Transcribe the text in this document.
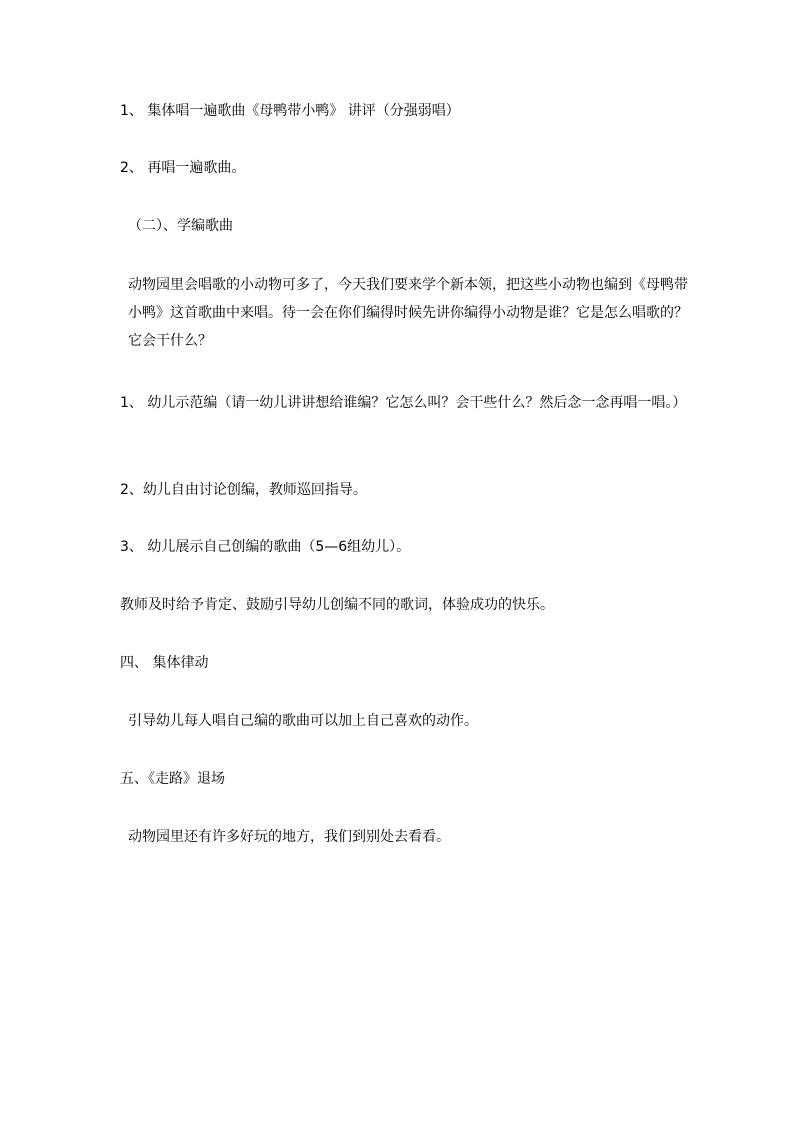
1、 集体唱一遍歌曲《母鸭带小鸭》 讲评（分强弱唱）
2、 再唱一遍歌曲。
（二）、学编歌曲
动物园里会唱歌的小动物可多了，今天我们要来学个新本领，把这些小动物也编到《母鸭带小鸭》这首歌曲中来唱。待一会在你们编得时候先讲你编得小动物是谁？它是怎么唱歌的？它会干什么？
1、 幼儿示范编（请一幼儿讲讲想给谁编？它怎么叫？会干些什么？然后念一念再唱一唱。）
2、幼儿自由讨论创编，教师巡回指导。
3、 幼儿展示自己创编的歌曲（5—6组幼儿）。
教师及时给予肯定、鼓励引导幼儿创编不同的歌词，体验成功的快乐。
四、 集体律动
引导幼儿每人唱自己编的歌曲可以加上自己喜欢的动作。
五、《走路》退场
动物园里还有许多好玩的地方，我们到别处去看看。
